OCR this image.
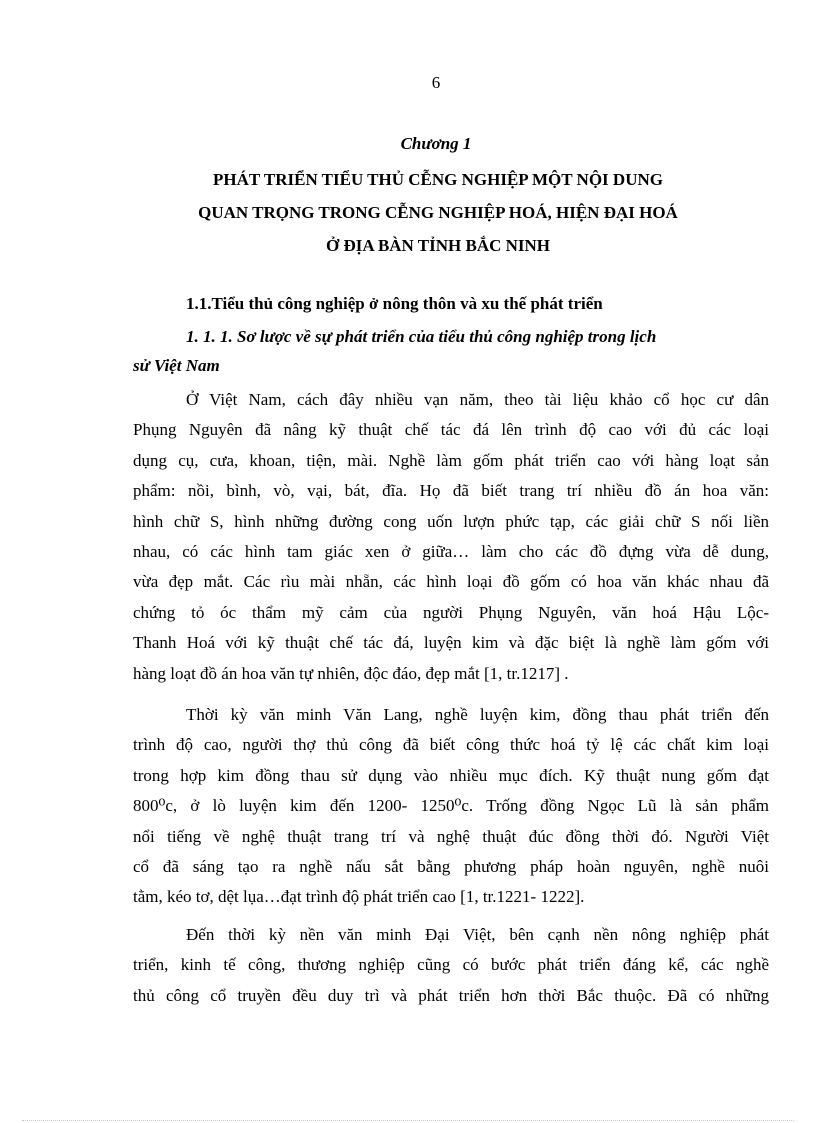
6
Chương 1
PHÁT TRIỂN TIỂU THỦ CỄNG NGHIỆP MỘT NỘI DUNG
QUAN TRỌNG TRONG CỄNG NGHIỆP HOÁ, HIỆN ĐẠI HOÁ
Ở ĐỊA BÀN TỈNH BẮC NINH
1.1.Tiểu thủ công nghiệp ở nông thôn và xu thế phát triển
1. 1. 1. Sơ lược về sự phát triển của tiểu thủ công nghiệp trong lịch
sử Việt Nam
Ở Việt Nam, cách đây nhiều vạn năm, theo tài liệu khảo cổ học cư dân
Phụng Nguyên đã nâng kỹ thuật chế tác đá lên trình độ cao với đủ các loại
dụng cụ, cưa, khoan, tiện, mài. Nghề làm gốm phát triển cao với hàng loạt sản
phẩm: nồi, bình, vò, vại, bát, đĩa. Họ đã biết trang trí nhiều đồ án hoa văn:
hình chữ S, hình những đường cong uốn lượn phức tạp, các giải chữ S nối liền
nhau, có các hình tam giác xen ở giữa… làm cho các đồ đựng vừa dễ dung,
vừa đẹp mắt. Các rìu mài nhẵn, các hình loại đồ gốm có hoa văn khác nhau đã
chứng tỏ óc thẩm mỹ cảm của người Phụng Nguyên, văn hoá Hậu Lộc-
Thanh Hoá với kỹ thuật chế tác đá, luyện kim và đặc biệt là nghề làm gốm với
hàng loạt đồ án hoa văn tự nhiên, độc đáo, đẹp mắt [1, tr.1217] .
Thời kỳ văn minh Văn Lang, nghề luyện kim, đồng thau phát triển đến
trình độ cao, người thợ thủ công đã biết công thức hoá tỷ lệ các chất kim loại
trong hợp kim đồng thau sử dụng vào nhiều mục đích. Kỹ thuật nung gốm đạt
800⁰c, ở lò luyện kim đến 1200- 1250⁰c. Trống đồng Ngọc Lũ là sản phẩm
nổi tiếng về nghệ thuật trang trí và nghệ thuật đúc đồng thời đó. Người Việt
cổ đã sáng tạo ra nghề nấu sắt bằng phương pháp hoàn nguyên, nghề nuôi
tằm, kéo tơ, dệt lụa…đạt trình độ phát triển cao [1, tr.1221- 1222].
Đến thời kỳ nền văn minh Đại Việt, bên cạnh nền nông nghiệp phát
triển, kinh tế công, thương nghiệp cũng có bước phát triển đáng kể, các nghề
thủ công cổ truyền đều duy trì và phát triển hơn thời Bắc thuộc. Đã có những
